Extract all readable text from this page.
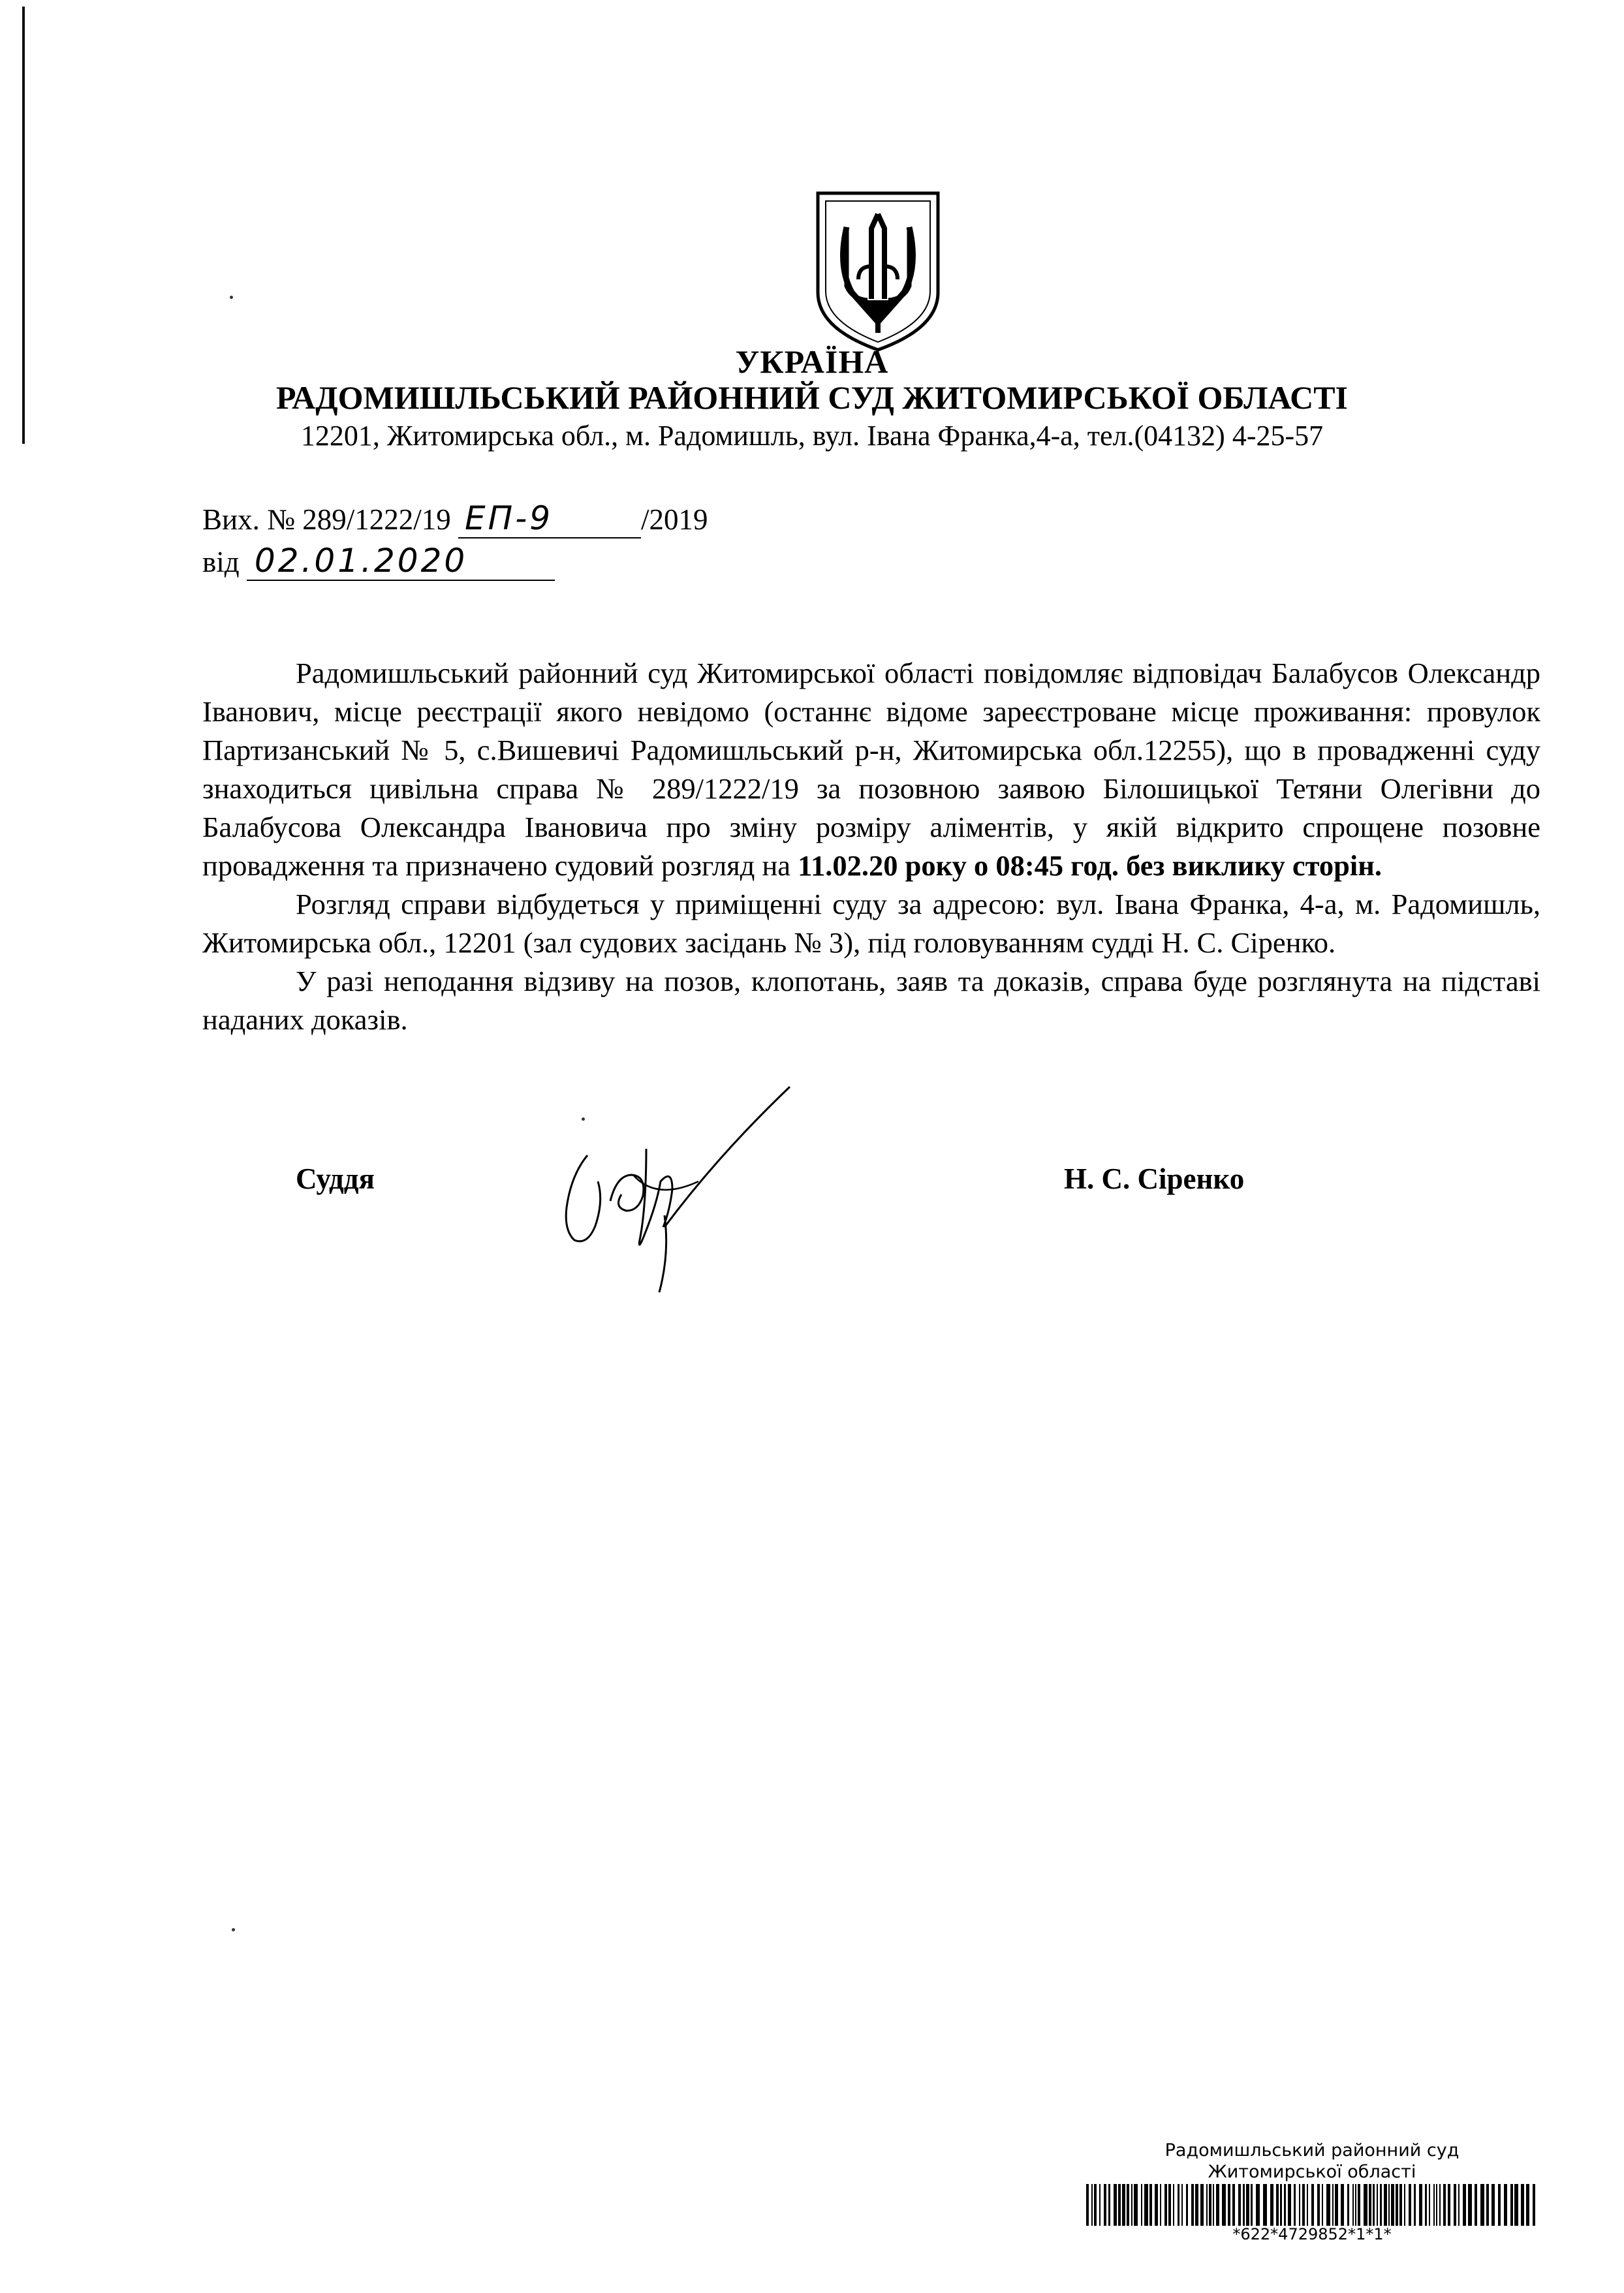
УКРАЇНА
РАДОМИШЛЬСЬКИЙ РАЙОННИЙ СУД ЖИТОМИРСЬКОЇ ОБЛАСТІ
12201, Житомирська обл., м. Радомишль, вул. Івана Франка,4-а, тел.(04132) 4-25-57
Вих. № 289/1222/19 ЕП-9	/2019
від 02.01.2020

Радомишльський районний суд Житомирської області повідомляє відповідач Балабусов Олександр Іванович, місце реєстрації якого невідомо (останнє відоме зареєстроване місце проживання: провулок Партизанський № 5, с.Вишевичі Радомишльський р-н, Житомирська обл.12255), що в провадженні суду знаходиться цивільна справа № 289/1222/19 за позовною заявою Білошицької Тетяни Олегівни до Балабусова Олександра Івановича про зміну розміру аліментів, у якій відкрито спрощене позовне провадження та призначено судовий розгляд на 11.02.20 року о 08:45 год. без виклику сторін.

Розгляд справи відбудеться у приміщенні суду за адресою: вул. Івана Франка, 4-а, м. Радомишль, Житомирська обл., 12201 (зал судових засідань № 3), під головуванням судді Н. С. Сіренко.

У разі неподання відзиву на позов, клопотань, заяв та доказів, справа буде розглянута на підставі наданих доказів.

Суддя	Н. С. Сіренко
Радомишльський районний суд
Житомирської області
*622*4729852*1*1*
